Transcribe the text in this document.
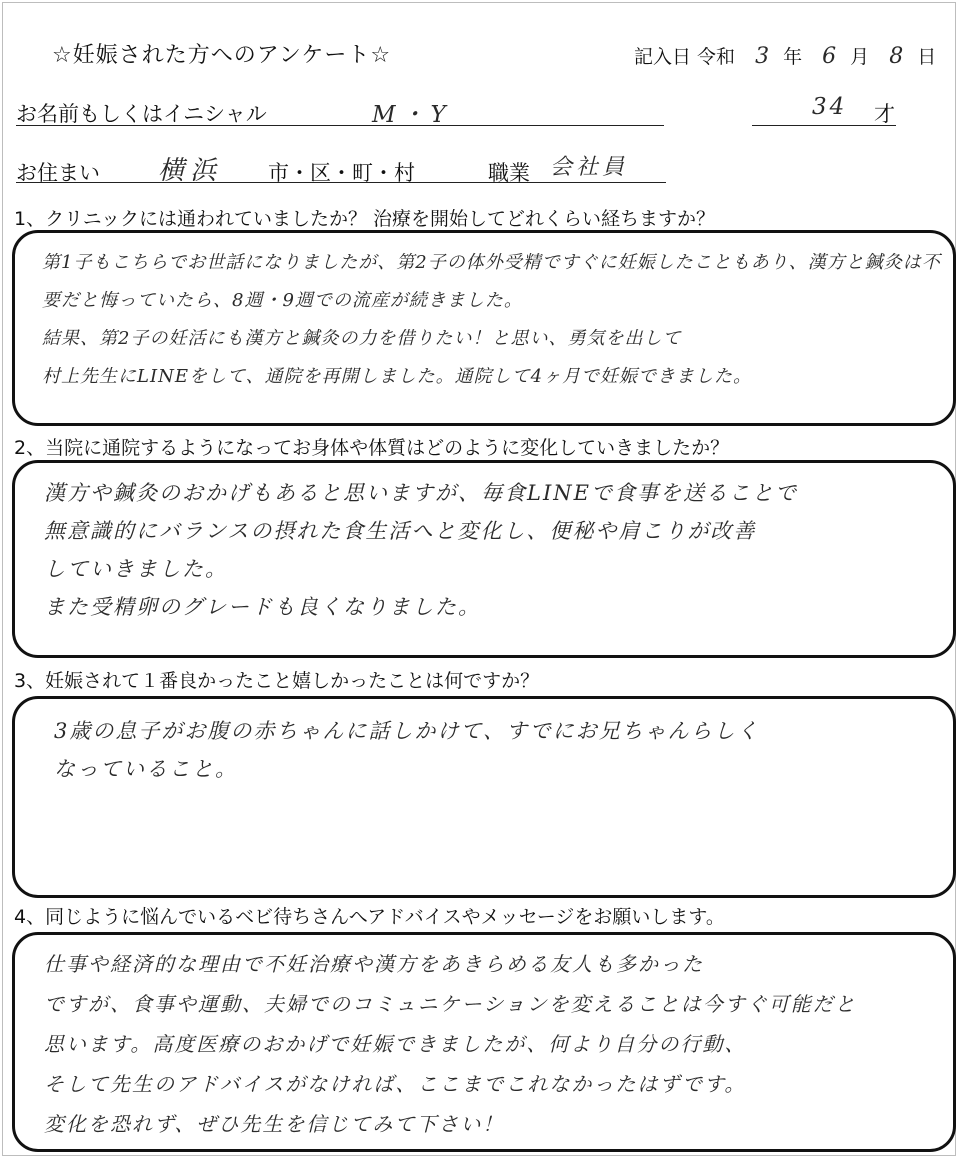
☆妊娠された方へのアンケート☆	記入日 令和 3 年 6 月 8 日
お名前もしくはイニシャル	M・Y	34 才
お住まい 横浜 市・区・町・村	職業 会社員
1、クリニックには通われていましたか？ 治療を開始してどれくらい経ちますか？
第1子もこちらでお世話になりましたが、第2子の体外受精ですぐに妊娠したこともあり、漢方と鍼灸は不要だと悔っていたら、8週・9週での流産が続きました。
結果、第2子の妊活にも漢方と鍼灸の力を借りたい！と思い、勇気を出して
村上先生にLINEをして、通院を再開しました。通院して4ヶ月で妊娠できました。
2、当院に通院するようになってお身体や体質はどのように変化していきましたか？
漢方や鍼灸のおかげもあると思いますが、毎食LINEで食事を送ることで
無意識的にバランスの摂れた食生活へと変化し、便秘や肩こりが改善
していきました。
また受精卵のグレードも良くなりました。
3、妊娠されて１番良かったこと嬉しかったことは何ですか？
3歳の息子がお腹の赤ちゃんに話しかけて、すでにお兄ちゃんらしく
なっていること。
4、同じように悩んでいるベビ待ちさんへアドバイスやメッセージをお願いします。
仕事や経済的な理由で不妊治療や漢方をあきらめる友人も多かった
ですが、食事や運動、夫婦でのコミュニケーションを変えることは今すぐ可能だと
思います。高度医療のおかげで妊娠できましたが、何より自分の行動、
そして先生のアドバイスがなければ、ここまでこれなかったはずです。
変化を恐れず、ぜひ先生を信じてみて下さい！
